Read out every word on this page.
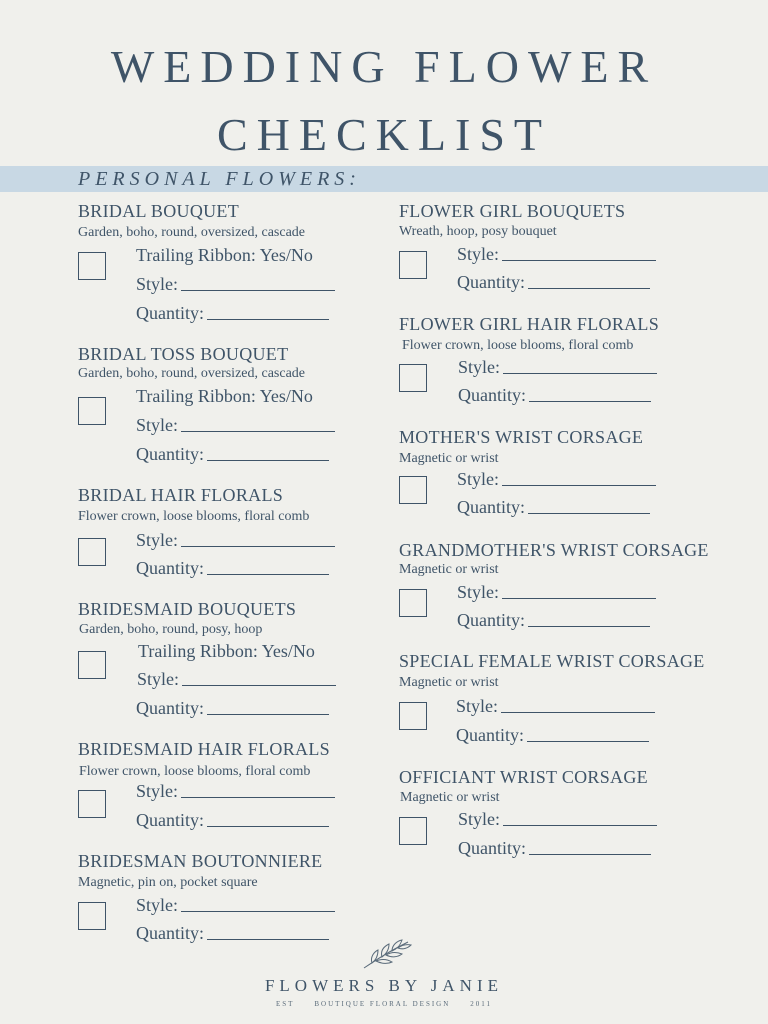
WEDDING FLOWER
CHECKLIST
PERSONAL FLOWERS:
BRIDAL BOUQUET
Garden, boho, round, oversized, cascade
Trailing Ribbon: Yes/No
Style:
Quantity:
BRIDAL TOSS BOUQUET
Garden, boho, round, oversized, cascade
Trailing Ribbon: Yes/No
Style:
Quantity:
BRIDAL HAIR FLORALS
Flower crown, loose blooms, floral comb
Style:
Quantity:
BRIDESMAID BOUQUETS
Garden, boho, round, posy, hoop
Trailing Ribbon: Yes/No
Style:
Quantity:
BRIDESMAID HAIR FLORALS
Flower crown, loose blooms, floral comb
Style:
Quantity:
BRIDESMAN BOUTONNIERE
Magnetic, pin on, pocket square
Style:
Quantity:
FLOWER GIRL BOUQUETS
Wreath, hoop, posy bouquet
Style:
Quantity:
FLOWER GIRL HAIR FLORALS
Flower crown, loose blooms, floral comb
Style:
Quantity:
MOTHER'S WRIST CORSAGE
Magnetic or wrist
Style:
Quantity:
GRANDMOTHER'S WRIST CORSAGE
Magnetic or wrist
Style:
Quantity:
SPECIAL FEMALE WRIST CORSAGE
Magnetic or wrist
Style:
Quantity:
OFFICIANT WRIST CORSAGE
Magnetic or wrist
Style:
Quantity:
FLOWERS BY JANIE
EST	BOUTIQUE FLORAL DESIGN	2011
